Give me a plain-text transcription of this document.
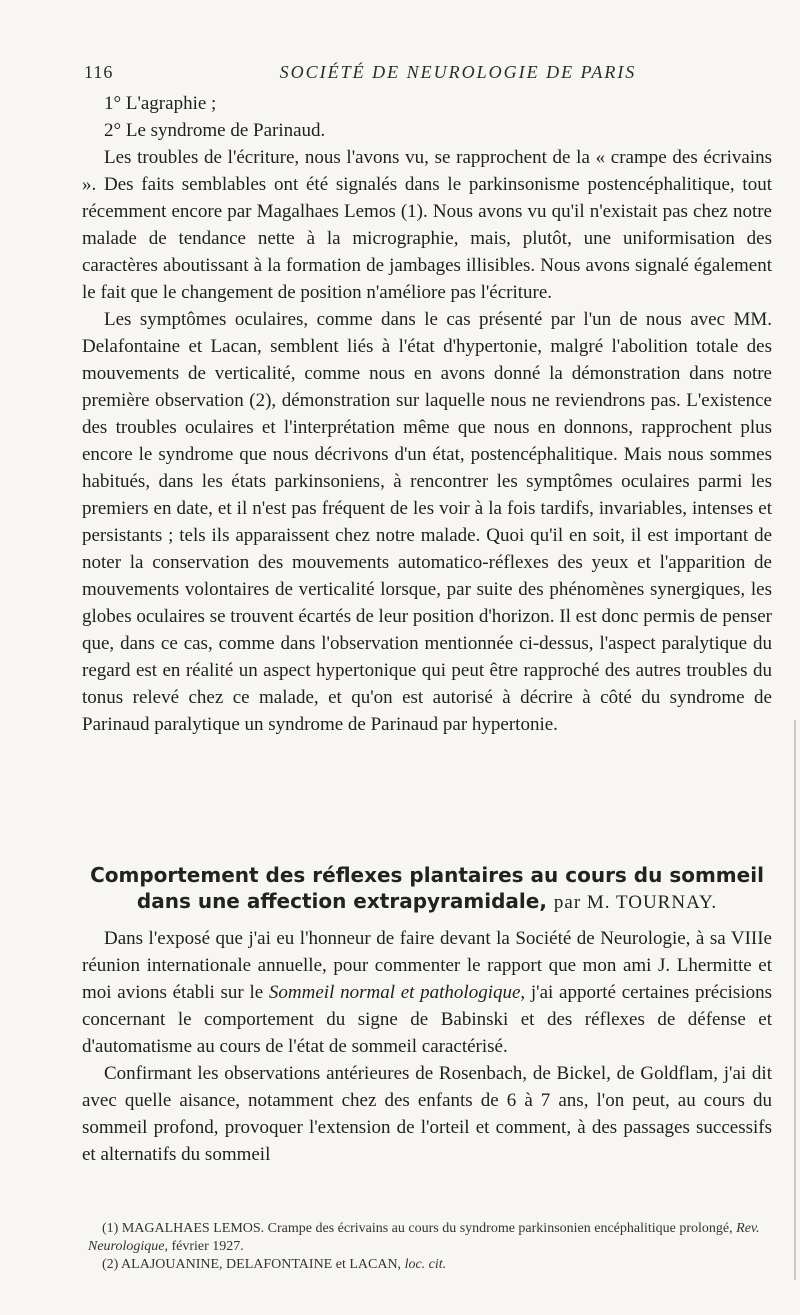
116	SOCIÉTÉ DE NEUROLOGIE DE PARIS

1° L'agraphie ;

2° Le syndrome de Parinaud.

Les troubles de l'écriture, nous l'avons vu, se rapprochent de la « crampe des écrivains ». Des faits semblables ont été signalés dans le parkinsonisme postencéphalitique, tout récemment encore par Magalhaes Lemos (1). Nous avons vu qu'il n'existait pas chez notre malade de tendance nette à la micrographie, mais, plutôt, une uniformisation des caractères aboutissant à la formation de jambages illisibles. Nous avons signalé également le fait que le changement de position n'améliore pas l'écriture.

Les symptômes oculaires, comme dans le cas présenté par l'un de nous avec MM. Delafontaine et Lacan, semblent liés à l'état d'hypertonie, malgré l'abolition totale des mouvements de verticalité, comme nous en avons donné la démonstration dans notre première observation (2), démonstration sur laquelle nous ne reviendrons pas. L'existence des troubles oculaires et l'interprétation même que nous en donnons, rapprochent plus encore le syndrome que nous décrivons d'un état, postencéphalitique. Mais nous sommes habitués, dans les états parkinsoniens, à rencontrer les symptômes oculaires parmi les premiers en date, et il n'est pas fréquent de les voir à la fois tardifs, invariables, intenses et persistants ; tels ils apparaissent chez notre malade. Quoi qu'il en soit, il est important de noter la conservation des mouvements automatico-réflexes des yeux et l'apparition de mouvements volontaires de verticalité lorsque, par suite des phénomènes synergiques, les globes oculaires se trouvent écartés de leur position d'horizon. Il est donc permis de penser que, dans ce cas, comme dans l'observation mentionnée ci-dessus, l'aspect paralytique du regard est en réalité un aspect hypertonique qui peut être rapproché des autres troubles du tonus relevé chez ce malade, et qu'on est autorisé à décrire à côté du syndrome de Parinaud paralytique un syndrome de Parinaud par hypertonie.

Comportement des réflexes plantaires au cours du sommeil dans une affection extrapyramidale, par M. TOURNAY.

Dans l'exposé que j'ai eu l'honneur de faire devant la Société de Neurologie, à sa VIIIe réunion internationale annuelle, pour commenter le rapport que mon ami J. Lhermitte et moi avions établi sur le Sommeil normal et pathologique, j'ai apporté certaines précisions concernant le comportement du signe de Babinski et des réflexes de défense et d'automatisme au cours de l'état de sommeil caractérisé.

Confirmant les observations antérieures de Rosenbach, de Bickel, de Goldflam, j'ai dit avec quelle aisance, notamment chez des enfants de 6 à 7 ans, l'on peut, au cours du sommeil profond, provoquer l'extension de l'orteil et comment, à des passages successifs et alternatifs du sommeil

(1) MAGALHAES LEMOS. Crampe des écrivains au cours du syndrome parkinsonien encéphalitique prolongé, Rev. Neurologique, février 1927.

(2) ALAJOUANINE, DELAFONTAINE et LACAN, loc. cit.
